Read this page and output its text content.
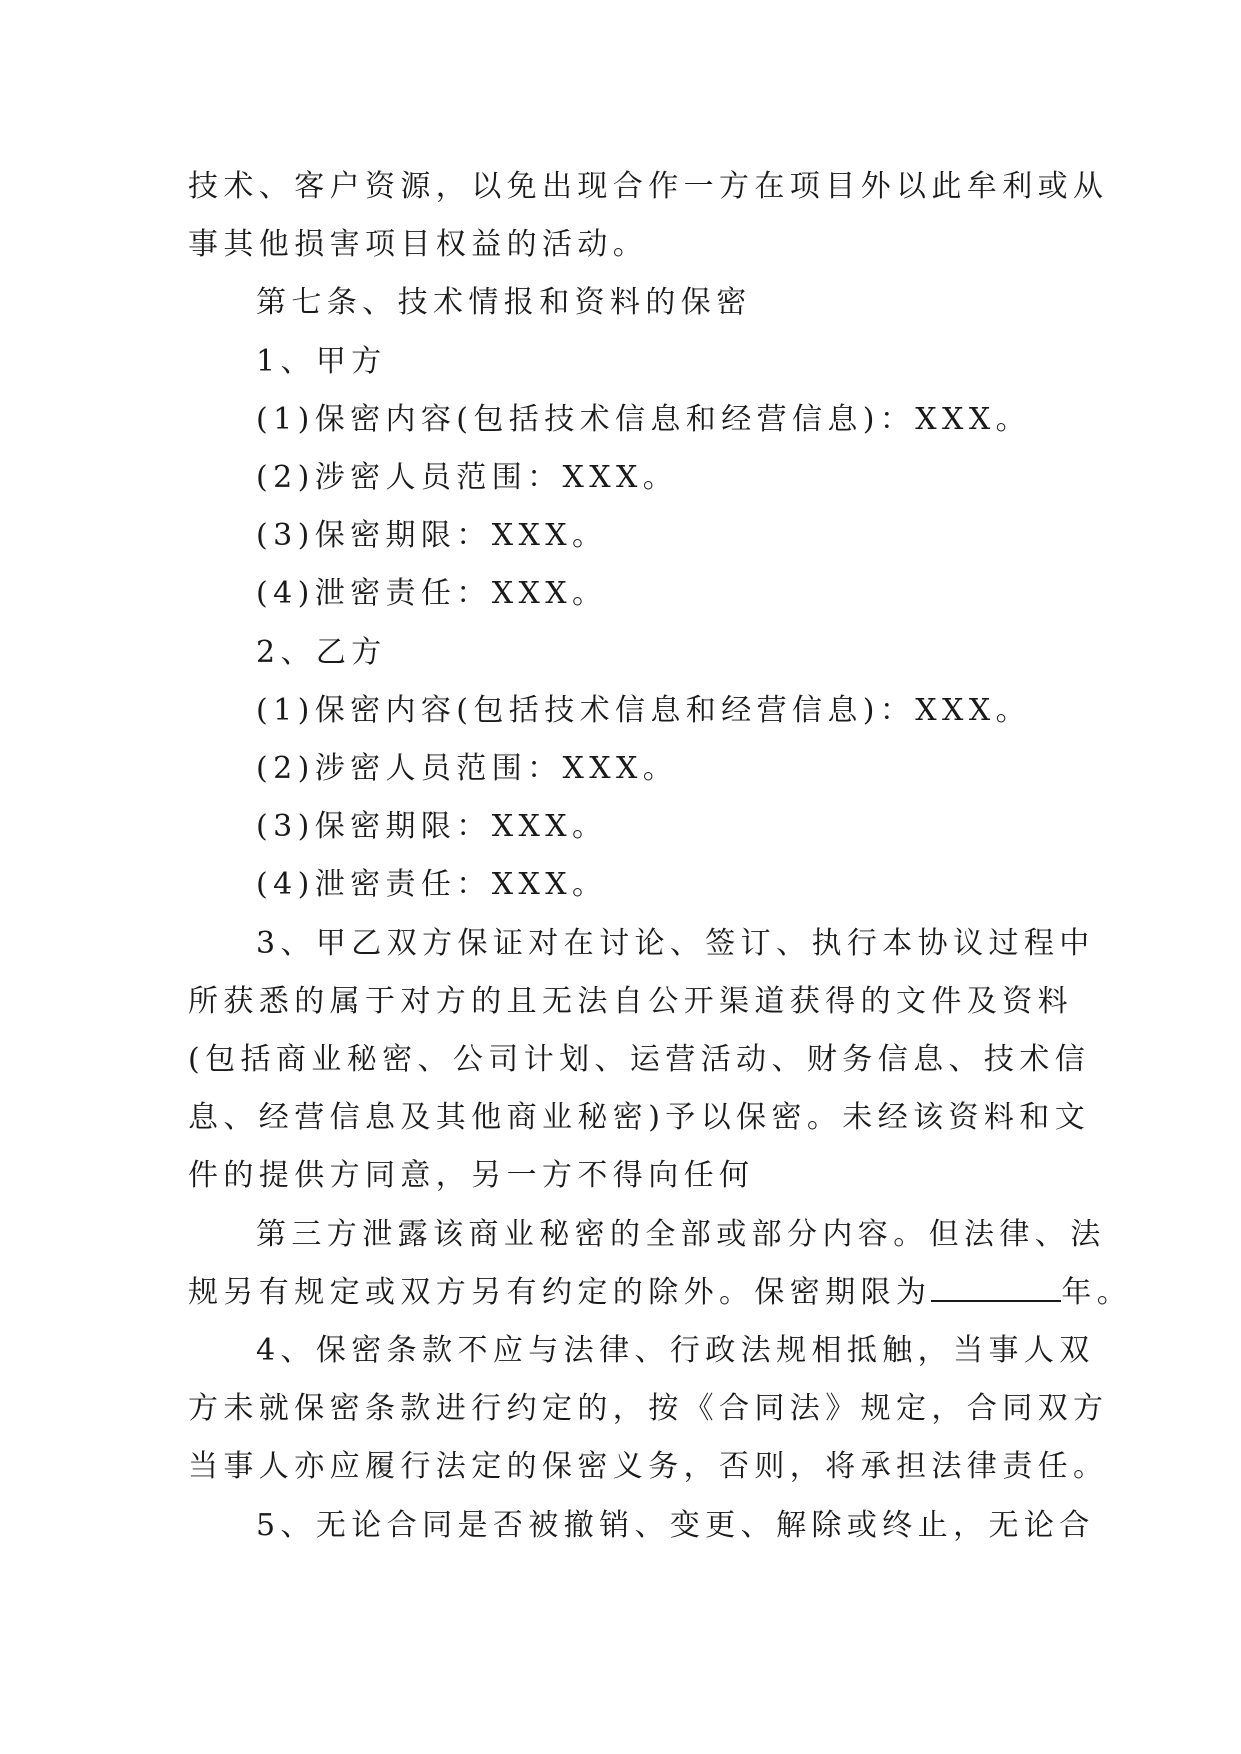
技术、客户资源，以免出现合作一方在项目外以此牟利或从
事其他损害项目权益的活动。
第七条、技术情报和资料的保密
1、甲方
(1)保密内容(包括技术信息和经营信息)：XXX。
(2)涉密人员范围：XXX。
(3)保密期限：XXX。
(4)泄密责任：XXX。
2、乙方
(1)保密内容(包括技术信息和经营信息)：XXX。
(2)涉密人员范围：XXX。
(3)保密期限：XXX。
(4)泄密责任：XXX。
3、甲乙双方保证对在讨论、签订、执行本协议过程中
所获悉的属于对方的且无法自公开渠道获得的文件及资料
(包括商业秘密、公司计划、运营活动、财务信息、技术信
息、经营信息及其他商业秘密)予以保密。未经该资料和文
件的提供方同意，另一方不得向任何
第三方泄露该商业秘密的全部或部分内容。但法律、法
规另有规定或双方另有约定的除外。保密期限为	年。
4、保密条款不应与法律、行政法规相抵触，当事人双
方未就保密条款进行约定的，按《合同法》规定，合同双方
当事人亦应履行法定的保密义务，否则，将承担法律责任。
5、无论合同是否被撤销、变更、解除或终止，无论合
